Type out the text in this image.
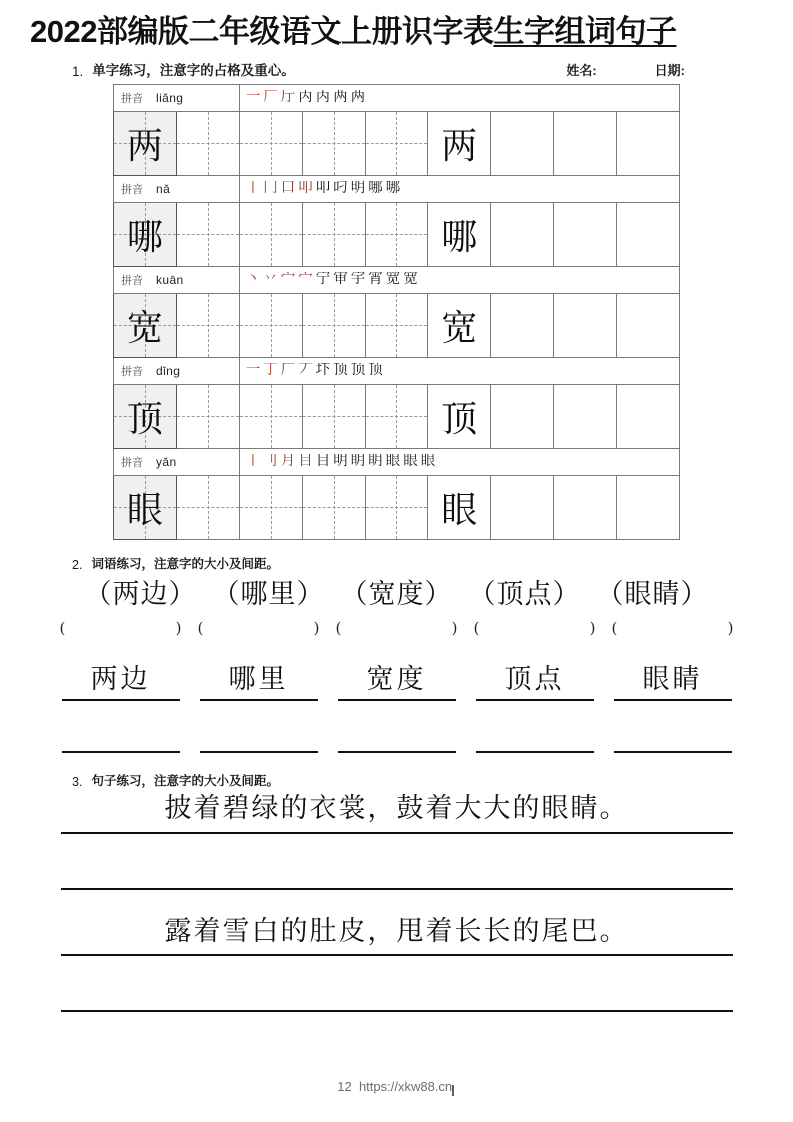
2022部编版二年级语文上册识字表生字组词句子
1. 单字练习，注意字的占格及重心。	姓名:	日期:
拼音 liǎng	一 厂 厅 丙 丙 两 两

两					两			

拼音 nǎ	丨 冂 口 叩 叩 叼 明 哪 哪

哪					哪			

拼音 kuān	丶 丷 宀 宀 宁 审 宇 宵 宽 宽

宽					宽			

拼音 dǐng	一 丁 厂 丆 圷 顶 顶 顶

顶					顶			

拼音 yǎn	丨 刂 月 目 目 明 眀 眀 眼 眼 眼

眼					眼			

2. 词语练习，注意字的大小及间距。
（两边） （哪里） （宽度） （顶点） （眼睛）
(	) (	) (	) (	) (	)
两边	哪里	宽度	顶点	眼睛
3. 句子练习，注意字的大小及间距。
披着碧绿的衣裳，鼓着大大的眼睛。
露着雪白的肚皮，甩着长长的尾巴。
12 https://xkw88.cn
I
